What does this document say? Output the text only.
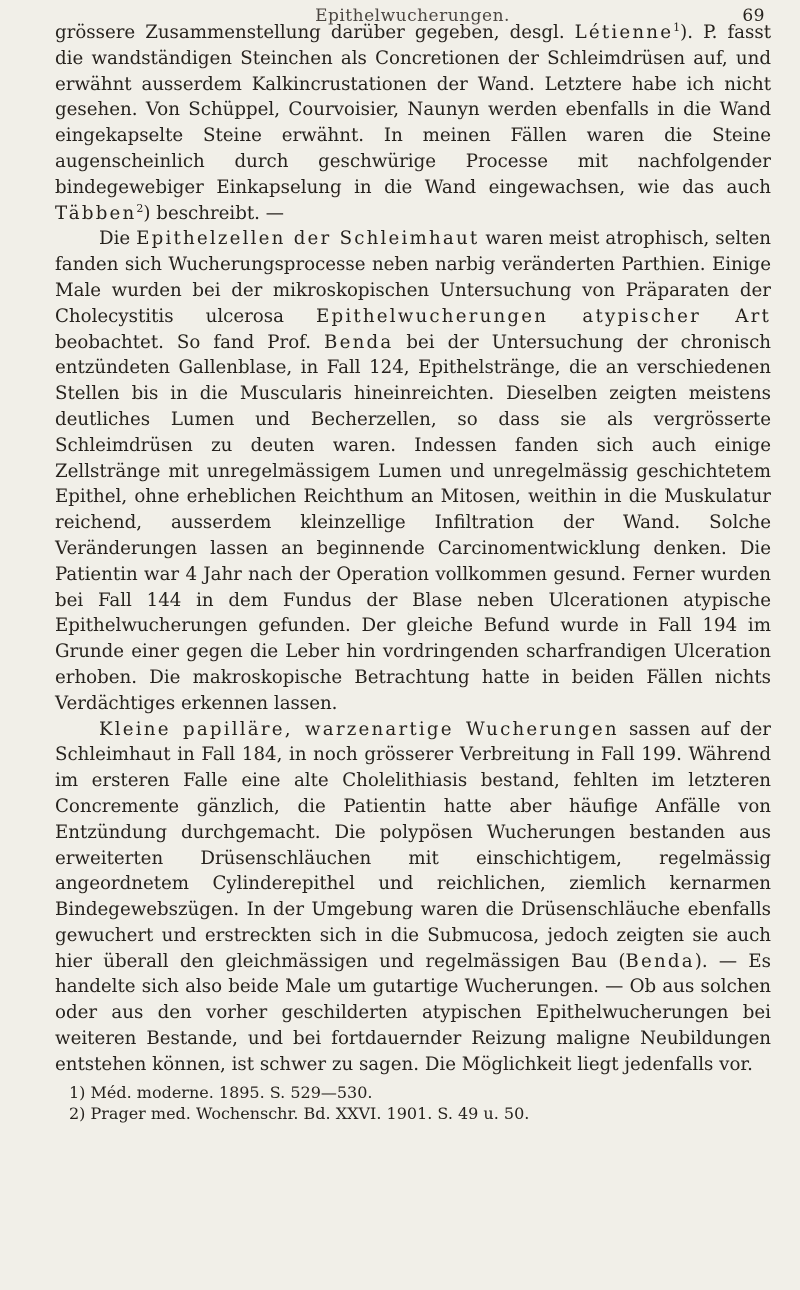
Epithelwucherungen.	69

grössere Zusammenstellung darüber gegeben, desgl. Létienne$^1$). P. fasst die wandständigen Steinchen als Concretionen der Schleimdrüsen auf, und erwähnt ausserdem Kalkincrustationen der Wand. Letztere habe ich nicht gesehen. Von Schüppel, Courvoisier, Naunyn werden ebenfalls in die Wand eingekapselte Steine erwähnt. In meinen Fällen waren die Steine augenscheinlich durch geschwürige Processe mit nachfolgender bindegewebiger Einkapselung in die Wand eingewachsen, wie das auch Täbben$^2$) beschreibt. —

Die Epithelzellen der Schleimhaut waren meist atrophisch, selten fanden sich Wucherungsprocesse neben narbig veränderten Parthien. Einige Male wurden bei der mikroskopischen Untersuchung von Präparaten der Cholecystitis ulcerosa Epithelwucherungen atypischer Art beobachtet. So fand Prof. Benda bei der Untersuchung der chronisch entzündeten Gallenblase, in Fall 124, Epithelstränge, die an verschiedenen Stellen bis in die Muscularis hineinreichten. Dieselben zeigten meistens deutliches Lumen und Becherzellen, so dass sie als vergrösserte Schleimdrüsen zu deuten waren. Indessen fanden sich auch einige Zellstränge mit unregelmässigem Lumen und unregelmässig geschichtetem Epithel, ohne erheblichen Reichthum an Mitosen, weithin in die Muskulatur reichend, ausserdem kleinzellige Infiltration der Wand. Solche Veränderungen lassen an beginnende Carcinomentwicklung denken. Die Patientin war 4 Jahr nach der Operation vollkommen gesund. Ferner wurden bei Fall 144 in dem Fundus der Blase neben Ulcerationen atypische Epithelwucherungen gefunden. Der gleiche Befund wurde in Fall 194 im Grunde einer gegen die Leber hin vordringenden scharfrandigen Ulceration erhoben. Die makroskopische Betrachtung hatte in beiden Fällen nichts Verdächtiges erkennen lassen.

Kleine papilläre, warzenartige Wucherungen sassen auf der Schleimhaut in Fall 184, in noch grösserer Verbreitung in Fall 199. Während im ersteren Falle eine alte Cholelithiasis bestand, fehlten im letzteren Concremente gänzlich, die Patientin hatte aber häufige Anfälle von Entzündung durchgemacht. Die polypösen Wucherungen bestanden aus erweiterten Drüsenschläuchen mit einschichtigem, regelmässig angeordnetem Cylinderepithel und reichlichen, ziemlich kernarmen Bindegewebszügen. In der Umgebung waren die Drüsenschläuche ebenfalls gewuchert und erstreckten sich in die Submucosa, jedoch zeigten sie auch hier überall den gleichmässigen und regelmässigen Bau (Benda). — Es handelte sich also beide Male um gutartige Wucherungen. — Ob aus solchen oder aus den vorher geschilderten atypischen Epithelwucherungen bei weiteren Bestande, und bei fortdauernder Reizung maligne Neubildungen entstehen können, ist schwer zu sagen. Die Möglichkeit liegt jedenfalls vor.

1) Méd. moderne. 1895. S. 529—530.
2) Prager med. Wochenschr. Bd. XXVI. 1901. S. 49 u. 50.
